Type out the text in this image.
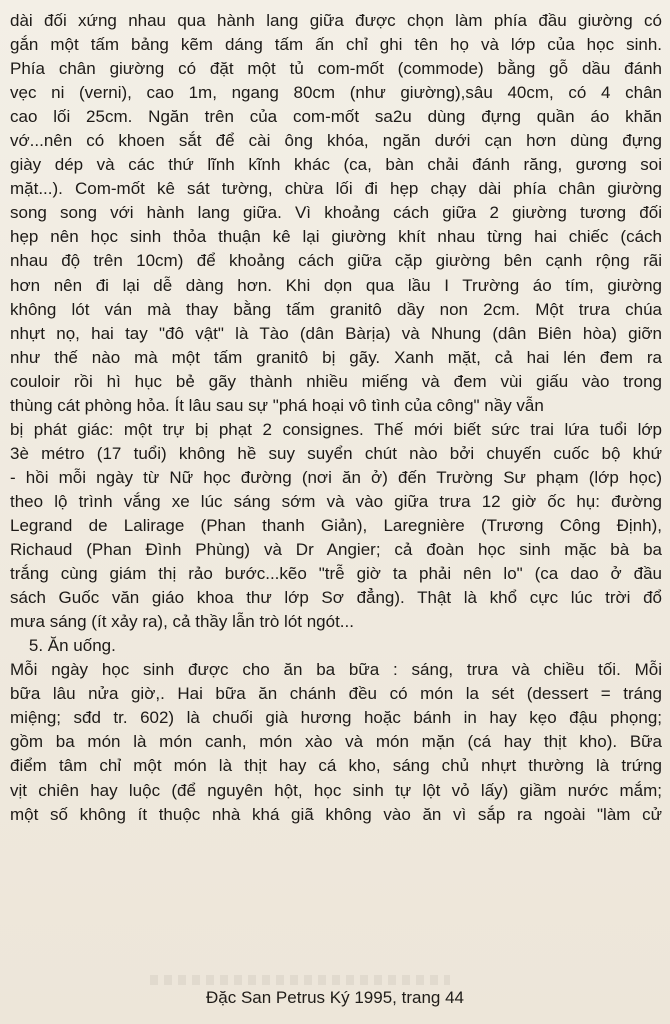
dài đối xứng nhau qua hành lang giữa được chọn làm phía đầu giường có
gắn một tấm bảng kẽm dáng tấm ấn chỉ ghi tên họ và lớp của học sinh.
Phía chân giường có đặt một tủ com-mốt (commode) bằng gỗ dầu đánh
vẹc ni (verni), cao 1m, ngang 80cm (như giường),sâu 40cm, có 4 chân
cao lối 25cm. Ngăn trên của com-mốt sa2u dùng đựng quần áo khăn
vớ...nên có khoen sắt để cài ông khóa, ngăn dưới cạn hơn dùng đựng
giày dép và các thứ lĩnh kĩnh khác (ca, bàn chải đánh răng, gương soi
mặt...). Com-mốt kê sát tường, chừa lối đi hẹp chạy dài phía chân giường
song song với hành lang giữa. Vì khoảng cách giữa 2 giường tương đối
hẹp nên học sinh thỏa thuận kê lại giường khít nhau từng hai chiếc (cách
nhau độ trên 10cm) để khoảng cách giữa cặp giường bên cạnh rộng rãi
hơn nên đi lại dễ dàng hơn. Khi dọn qua lầu I Trường áo tím, giường
không lót ván mà thay bằng tấm granitô dầy non 2cm. Một trưa chúa
nhựt nọ, hai tay "đô vật" là Tào (dân Bàrịa) và Nhung (dân Biên hòa) giỡn
như thế nào mà một tấm granitô bị gãy. Xanh mặt, cả hai lén đem ra
couloir rồi hì hục bẻ gãy thành nhiều miếng và đem vùi giấu vào trong
thùng cát phòng hỏa. Ít lâu sau sự "phá hoại vô tình của công" nầy vẫn
bị phát giác: một trự bị phạt 2 consignes. Thế mới biết sức trai lứa tuổi lớp
3è métro (17 tuổi) không hề suy suyển chút nào bởi chuyến cuốc bộ khứ
- hồi mỗi ngày từ Nữ học đường (nơi ăn ở) đến Trường Sư phạm (lớp học)
theo lộ trình vắng xe lúc sáng sớm và vào giữa trưa 12 giờ ốc hụ: đường
Legrand de Lalirage (Phan thanh Giản), Laregnière (Trương Công Định),
Richaud (Phan Đình Phùng) và Dr Angier; cả đoàn học sinh mặc bà ba
trắng cùng giám thị rảo bước...kẽo "trễ giờ ta phải nên lo" (ca dao ở đầu
sách Guốc văn giáo khoa thư lớp Sơ đẳng). Thật là khổ cực lúc trời đổ
mưa sáng (ít xảy ra), cả thầy lẫn trò lót ngót...
5. Ăn uống.
Mỗi ngày học sinh được cho ăn ba bữa : sáng, trưa và chiều tối. Mỗi
bữa lâu nửa giờ,. Hai bữa ăn chánh đều có món la sét (dessert = tráng
miệng; sđd tr. 602) là chuối già hương hoặc bánh in hay kẹo đậu phọng;
gồm ba món là món canh, món xào và món mặn (cá hay thịt kho). Bữa
điểm tâm chỉ một món là thịt hay cá kho, sáng chủ nhựt thường là trứng
vịt chiên hay luộc (để nguyên hột, học sinh tự lột vỏ lấy) giầm nước mắm;
một số không ít thuộc nhà khá giã không vào ăn vì sắp ra ngoài "làm cử
Đặc San Petrus Ký 1995, trang 44
